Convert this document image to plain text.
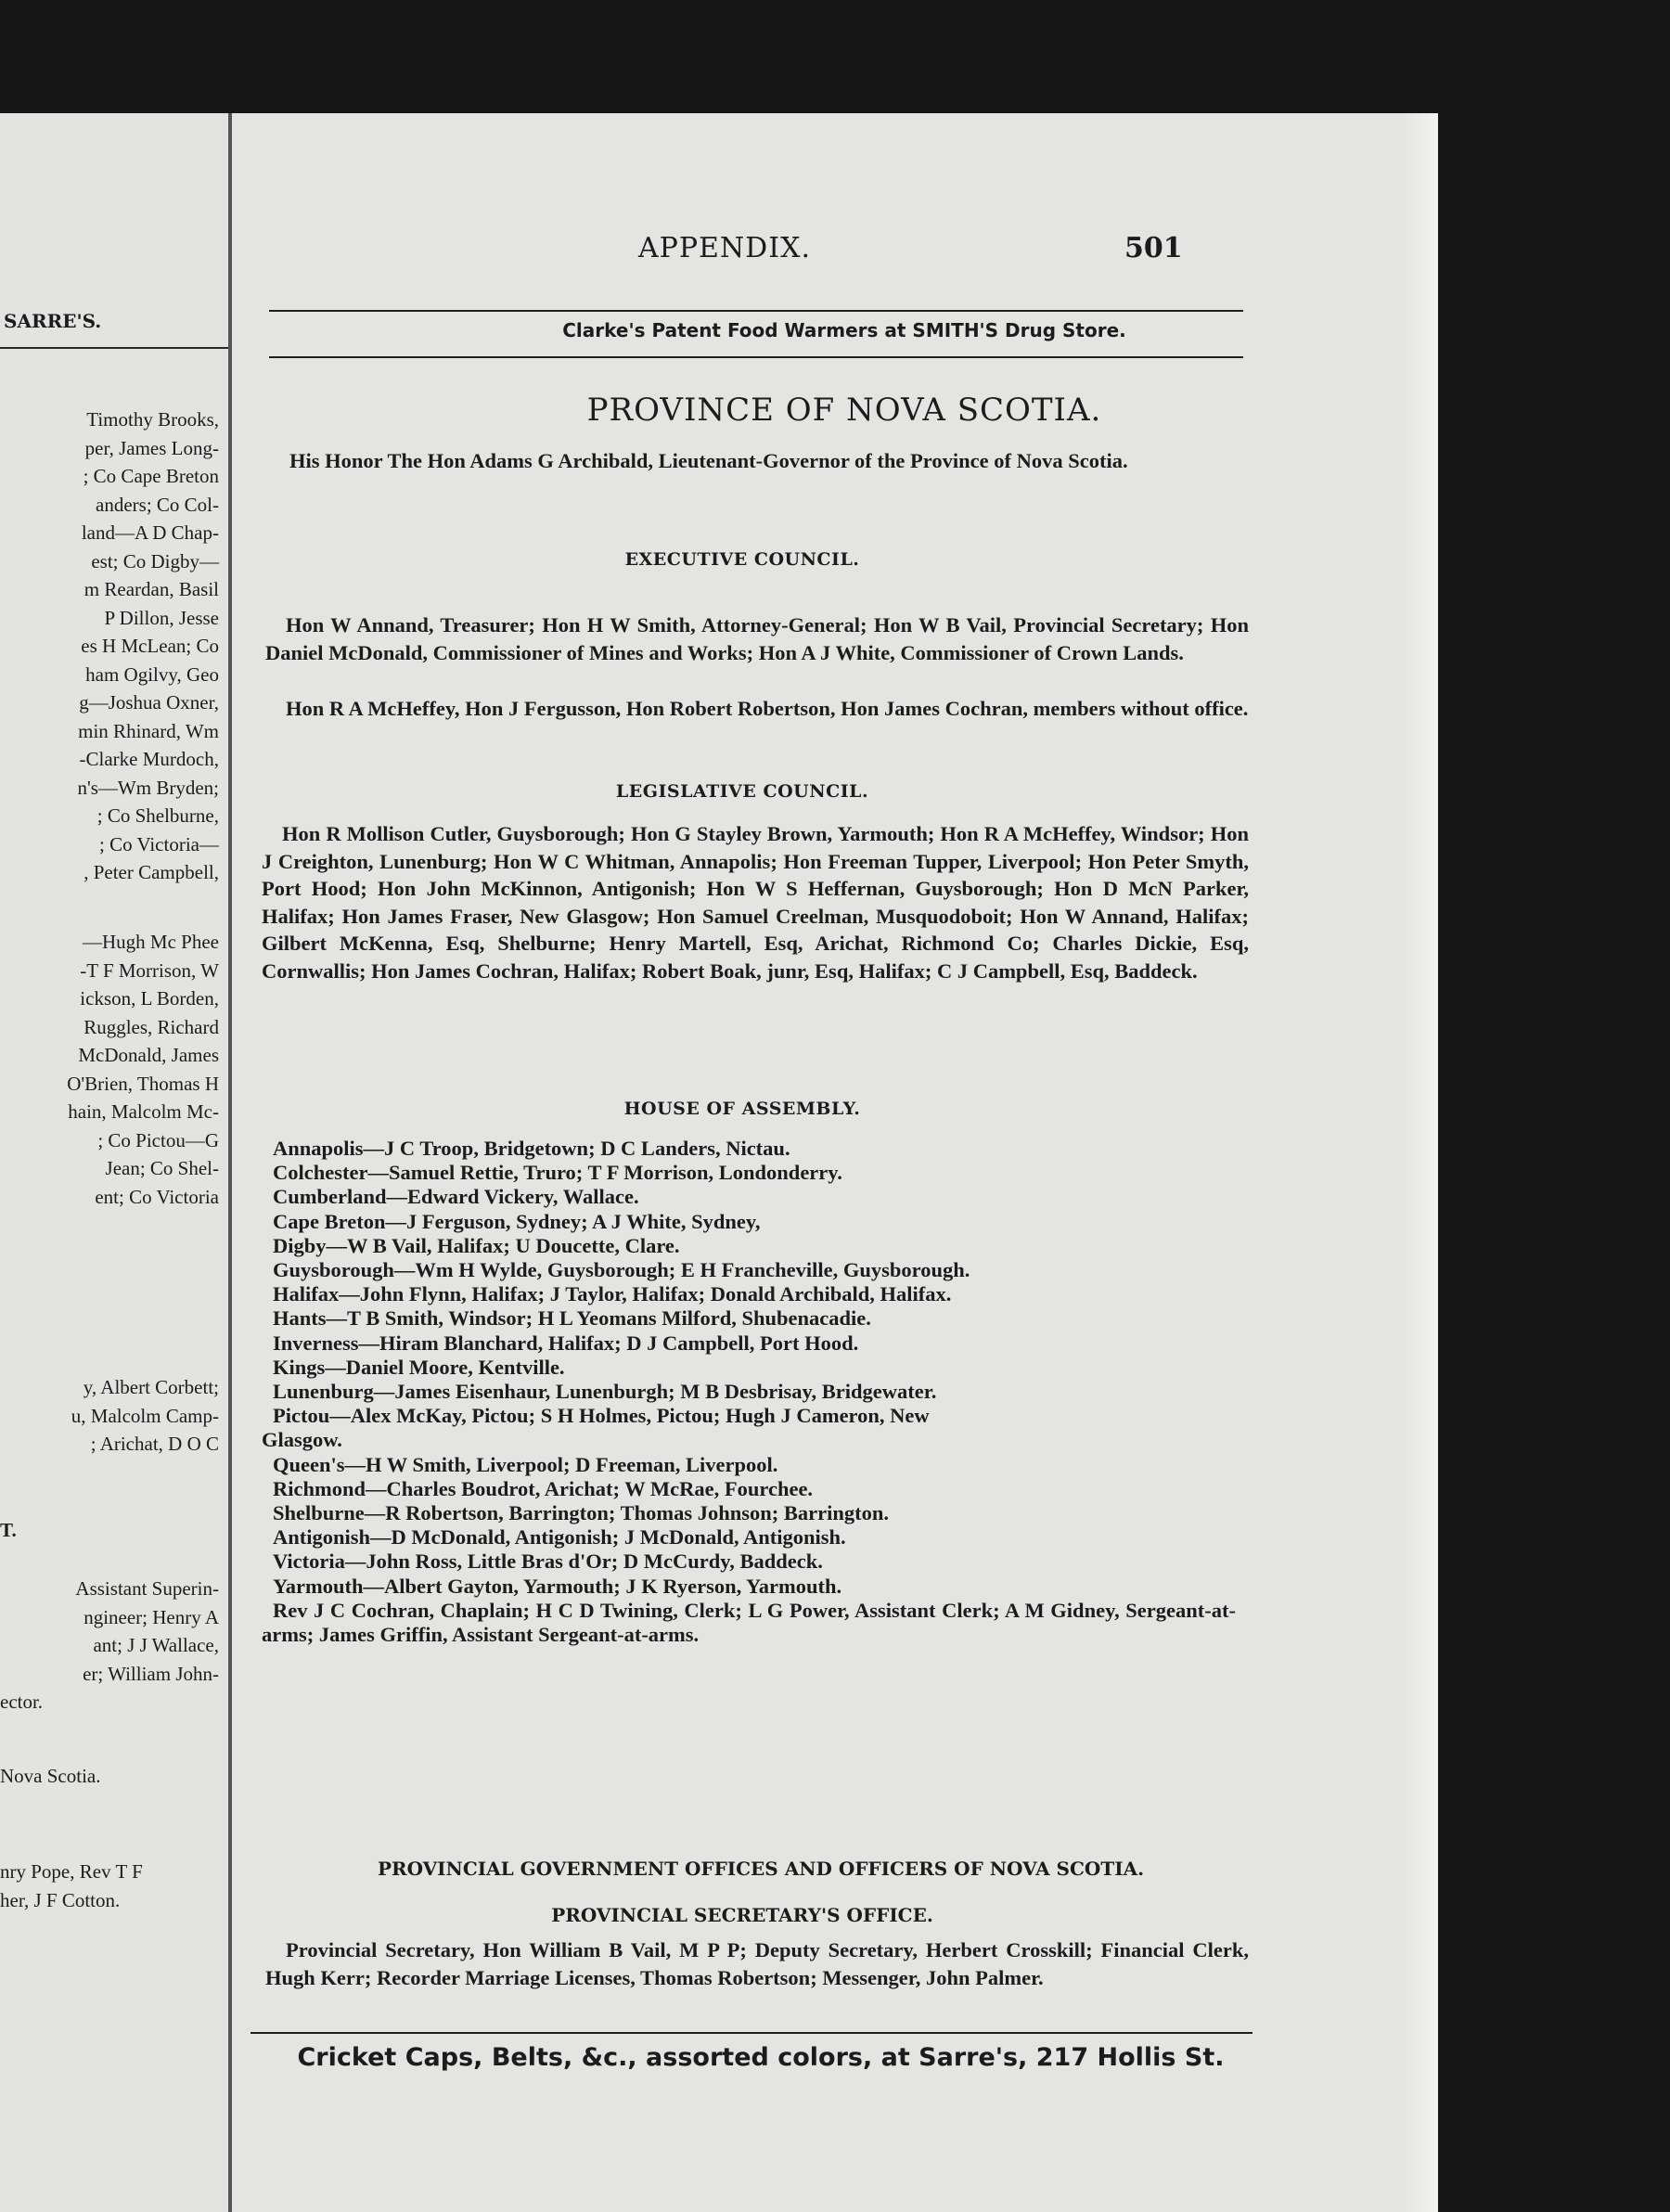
SARRE'S.
Timothy Brooks,
per, James Long-
; Co Cape Breton
anders; Co Col-
land—A D Chap-
est; Co Digby—
m Reardan, Basil
P Dillon, Jesse
es H McLean; Co
ham Ogilvy, Geo
g—Joshua Oxner,
min Rhinard, Wm
-Clarke Murdoch,
n's—Wm Bryden;
; Co Shelburne,
; Co Victoria—
, Peter Campbell,
—Hugh Mc Phee
-T F Morrison, W
ickson, L Borden,
Ruggles, Richard
McDonald, James
O'Brien, Thomas H
hain, Malcolm Mc-
; Co Pictou—G
Jean; Co Shel-
ent; Co Victoria
y, Albert Corbett;
u, Malcolm Camp-
; Arichat, D O C
T.
Assistant Superin-
ngineer; Henry A
ant; J J Wallace,
er; William John-
ector.
Nova Scotia.
nry Pope, Rev T F
her, J F Cotton.
APPENDIX.	501
Clarke's Patent Food Warmers at SMITH'S Drug Store.
PROVINCE OF NOVA SCOTIA.
His Honor The Hon Adams G Archibald, Lieutenant-Governor of the Province of Nova Scotia.
EXECUTIVE COUNCIL.
Hon W Annand, Treasurer; Hon H W Smith, Attorney-General; Hon W B Vail, Provincial Secretary; Hon Daniel McDonald, Commissioner of Mines and Works; Hon A J White, Commissioner of Crown Lands.
Hon R A McHeffey, Hon J Fergusson, Hon Robert Robertson, Hon James Cochran, members without office.
LEGISLATIVE COUNCIL.
Hon R Mollison Cutler, Guysborough; Hon G Stayley Brown, Yarmouth; Hon R A McHeffey, Windsor; Hon J Creighton, Lunenburg; Hon W C Whitman, Annapolis; Hon Freeman Tupper, Liverpool; Hon Peter Smyth, Port Hood; Hon John McKinnon, Antigonish; Hon W S Heffernan, Guysborough; Hon D McN Parker, Halifax; Hon James Fraser, New Glasgow; Hon Samuel Creelman, Musquodoboit; Hon W Annand, Halifax; Gilbert McKenna, Esq, Shelburne; Henry Martell, Esq, Arichat, Richmond Co; Charles Dickie, Esq, Cornwallis; Hon James Cochran, Halifax; Robert Boak, junr, Esq, Halifax; C J Campbell, Esq, Baddeck.
HOUSE OF ASSEMBLY.
Annapolis—J C Troop, Bridgetown; D C Landers, Nictau.
Colchester—Samuel Rettie, Truro; T F Morrison, Londonderry.
Cumberland—Edward Vickery, Wallace.
Cape Breton—J Ferguson, Sydney; A J White, Sydney,
Digby—W B Vail, Halifax; U Doucette, Clare.
Guysborough—Wm H Wylde, Guysborough; E H Francheville, Guysborough.
Halifax—John Flynn, Halifax; J Taylor, Halifax; Donald Archibald, Halifax.
Hants—T B Smith, Windsor; H L Yeomans Milford, Shubenacadie.
Inverness—Hiram Blanchard, Halifax; D J Campbell, Port Hood.
Kings—Daniel Moore, Kentville.
Lunenburg—James Eisenhaur, Lunenburgh; M B Desbrisay, Bridgewater.
Pictou—Alex McKay, Pictou; S H Holmes, Pictou; Hugh J Cameron, New
Glasgow.
Queen's—H W Smith, Liverpool; D Freeman, Liverpool.
Richmond—Charles Boudrot, Arichat; W McRae, Fourchee.
Shelburne—R Robertson, Barrington; Thomas Johnson; Barrington.
Antigonish—D McDonald, Antigonish; J McDonald, Antigonish.
Victoria—John Ross, Little Bras d'Or; D McCurdy, Baddeck.
Yarmouth—Albert Gayton, Yarmouth; J K Ryerson, Yarmouth.
Rev J C Cochran, Chaplain; H C D Twining, Clerk; L G Power, Assistant Clerk; A M Gidney, Sergeant-at-arms; James Griffin, Assistant Sergeant-at-arms.
PROVINCIAL GOVERNMENT OFFICES AND OFFICERS OF NOVA SCOTIA.
PROVINCIAL SECRETARY'S OFFICE.
Provincial Secretary, Hon William B Vail, M P P; Deputy Secretary, Herbert Crosskill; Financial Clerk, Hugh Kerr; Recorder Marriage Licenses, Thomas Robertson; Messenger, John Palmer.
Cricket Caps, Belts, &c., assorted colors, at Sarre's, 217 Hollis St.
